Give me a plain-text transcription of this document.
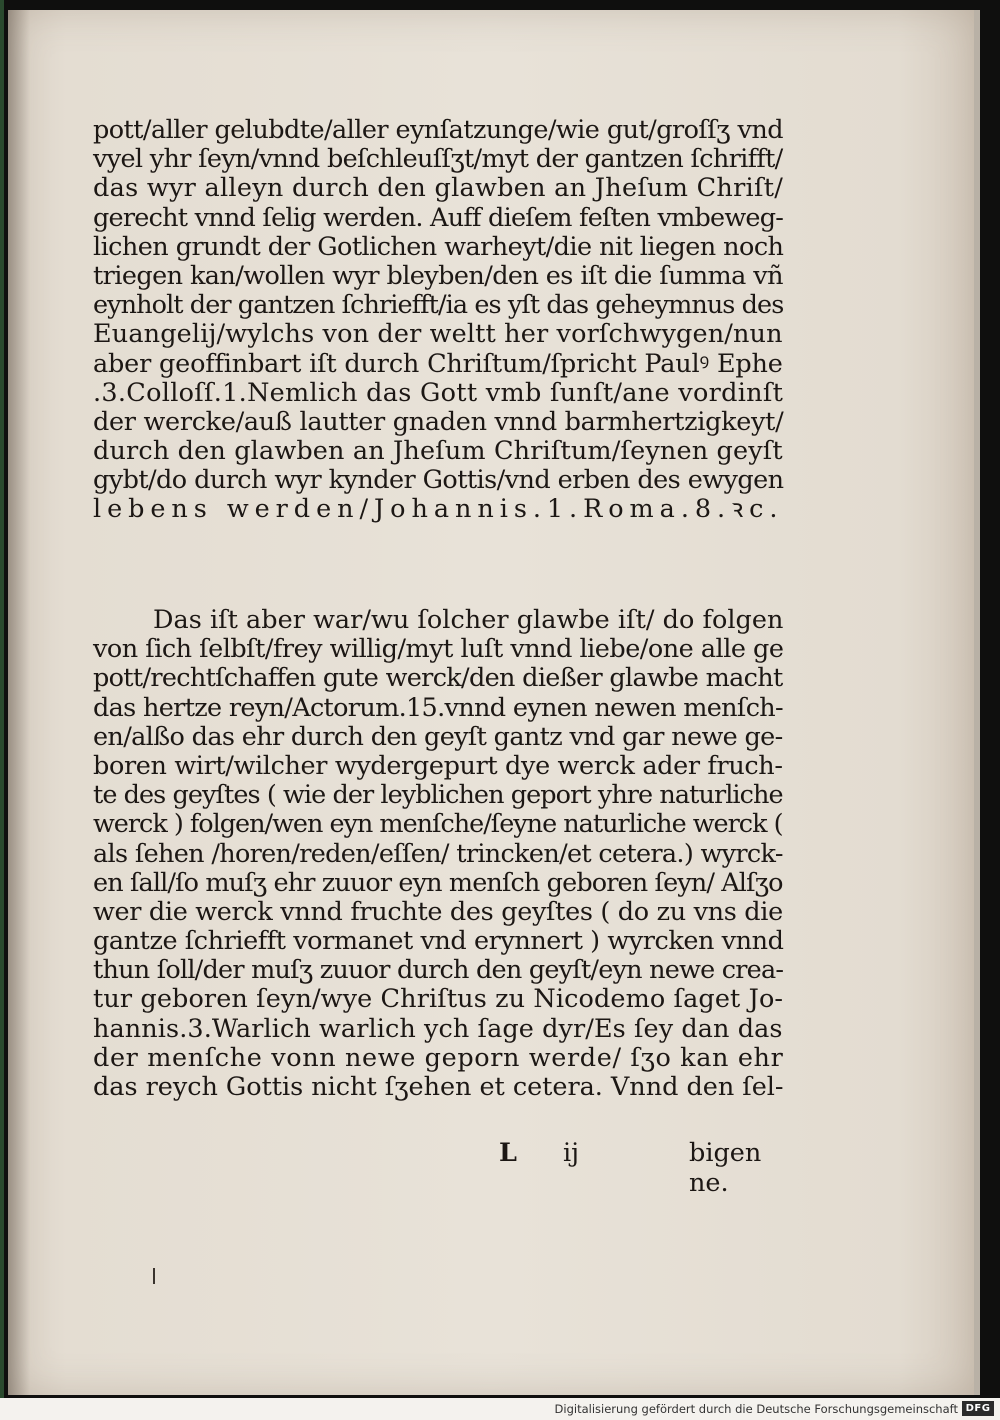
pott/aller gelubdte/aller eynſatzunge/wie gut/groſſʒ vnd
vyel yhr ſeyn/vnnd beſchleuſſʒt/myt der gantzen ſchrifft/
das wyr alleyn durch den glawben an Jheſum Chriſt/
gerecht vnnd ſelig werden. Auff dieſem feſten vmbeweg-
lichen grundt der Gotlichen warheyt/die nit liegen noch
triegen kan/wollen wyr bleyben/den es iſt die ſumma vñ
eynholt der gantzen ſchriefft/ia es yſt das geheymnus des
Euangelij/wylchs von der weltt her vorſchwygen/nun
aber geoffinbart iſt durch Chriſtum/ſpricht Paulꝰ Ephe
.3.Colloſſ.1.Nemlich das Gott vmb ſunſt/ane vordinſt
der wercke/auß lautter gnaden vnnd barmhertzigkeyt/
durch den glawben an Jheſum Chriſtum/ſeynen geyſt
gybt/do durch wyr kynder Gottis/vnd erben des ewygen
lebens werden/Johannis.1.Roma.8.ꝛc.
Das iſt aber war/wu ſolcher glawbe iſt/ do folgen
von ſich ſelbſt/frey willig/myt luſt vnnd liebe/one alle ge
pott/rechtſchaffen gute werck/den dießer glawbe macht
das hertze reyn/Actorum.15.vnnd eynen newen menſch-
en/alßo das ehr durch den geyſt gantz vnd gar newe ge-
boren wirt/wilcher wydergepurt dye werck ader fruch-
te des geyſtes ( wie der leyblichen geport yhre naturliche
werck ) folgen/wen eyn menſche/ſeyne naturliche werck (
als ſehen /horen/reden/eſſen/ trincken/et cetera.) wyrck-
en ſall/ſo muſʒ ehr zuuor eyn menſch geboren ſeyn/ Alſʒo
wer die werck vnnd fruchte des geyſtes ( do zu vns die
gantze ſchriefft vormanet vnd erynnert ) wyrcken vnnd
thun ſoll/der muſʒ zuuor durch den geyſt/eyn newe crea-
tur geboren ſeyn/wye Chriſtus zu Nicodemo ſaget Jo-
hannis.3.Warlich warlich ych ſage dyr/Es ſey dan das
der menſche vonn newe geporn werde/ ſʒo kan ehr
das reych Gottis nicht ſʒehen et cetera. Vnnd den ſel-
L ij	bigen ne.
Digitalisierung gefördert durch die Deutsche Forschungsgemeinschaft DFG
